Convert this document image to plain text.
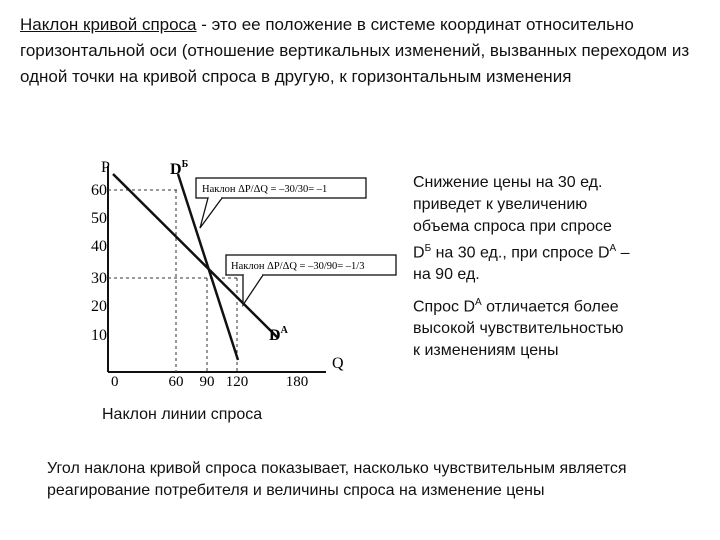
Наклон кривой спроса - это ее положение в системе координат относительно горизонтальной оси (отношение вертикальных изменений, вызванных переходом из одной точки на кривой спроса в другую, к горизонтальным изменения
P
Q
0
60
50
40
30
20
10
60 90 120	180
$D^Б$
$D^A$
Наклон ΔP/ΔQ = –30/30= –1
Наклон ΔP/ΔQ = –30/90= –1/3
Наклон линии спроса
Снижение цены на 30 ед.
приведет к увеличению
объема спроса при спросе
$D^Б$ на 30 ед., при спросе $D^A$ –
на 90 ед.
Спрос $D^A$ отличается более
высокой чувствительностью
к изменениям цены
Угол наклона кривой спроса показывает, насколько чувствительным является реагирование потребителя и величины спроса на изменение цены
